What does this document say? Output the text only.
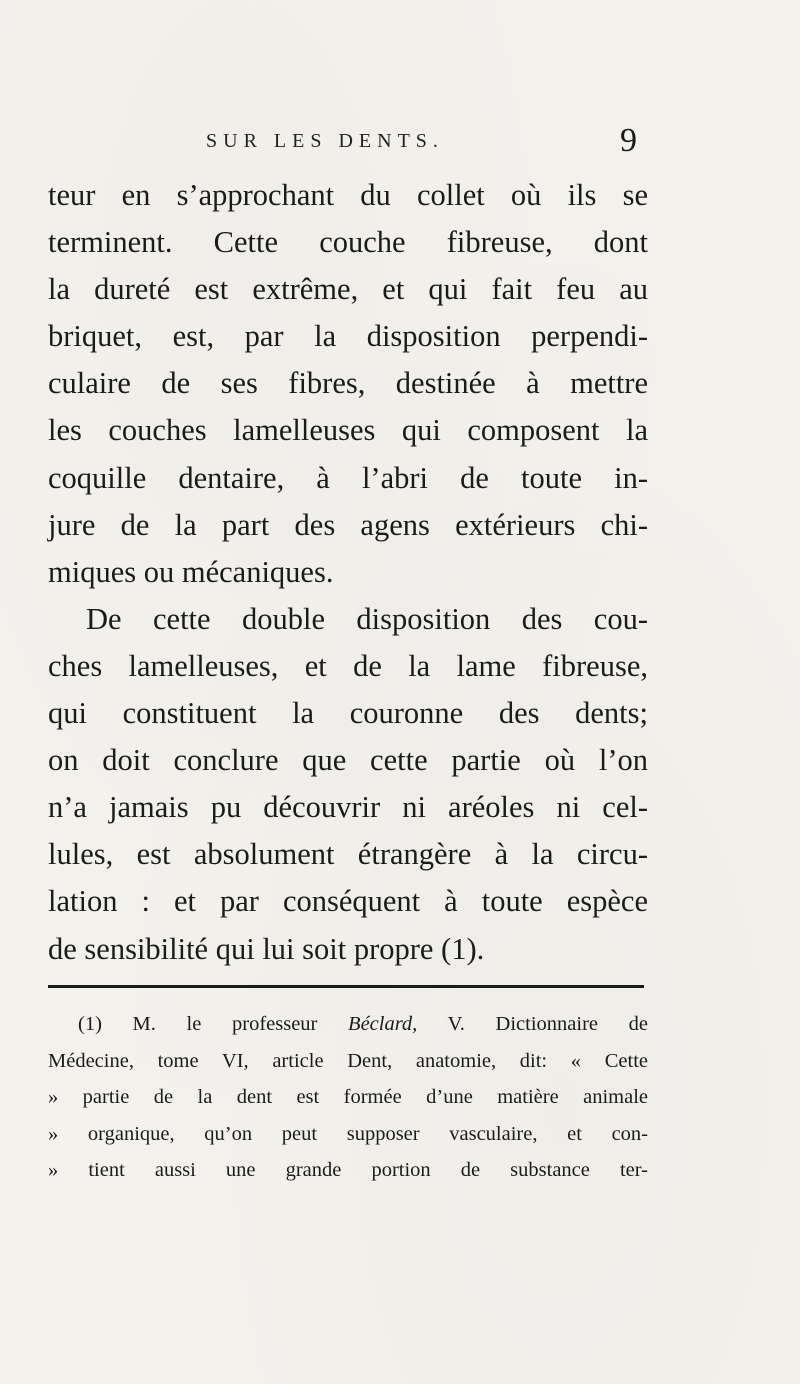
SUR LES DENTS.	9
teur en s’approchant du collet où ils se
terminent. Cette couche fibreuse, dont
la dureté est extrême, et qui fait feu au
briquet, est, par la disposition perpendi-
culaire de ses fibres, destinée à mettre
les couches lamelleuses qui composent la
coquille dentaire, à l’abri de toute in-
jure de la part des agens extérieurs chi-
miques ou mécaniques.
De cette double disposition des cou-
ches lamelleuses, et de la lame fibreuse,
qui constituent la couronne des dents;
on doit conclure que cette partie où l’on
n’a jamais pu découvrir ni aréoles ni cel-
lules, est absolument étrangère à la circu-
lation : et par conséquent à toute espèce
de sensibilité qui lui soit propre (1).
(1) M. le professeur Béclard, V. Dictionnaire de
Médecine, tome VI, article Dent, anatomie, dit: « Cette
» partie de la dent est formée d’une matière animale
» organique, qu’on peut supposer vasculaire, et con-
» tient aussi une grande portion de substance ter-
